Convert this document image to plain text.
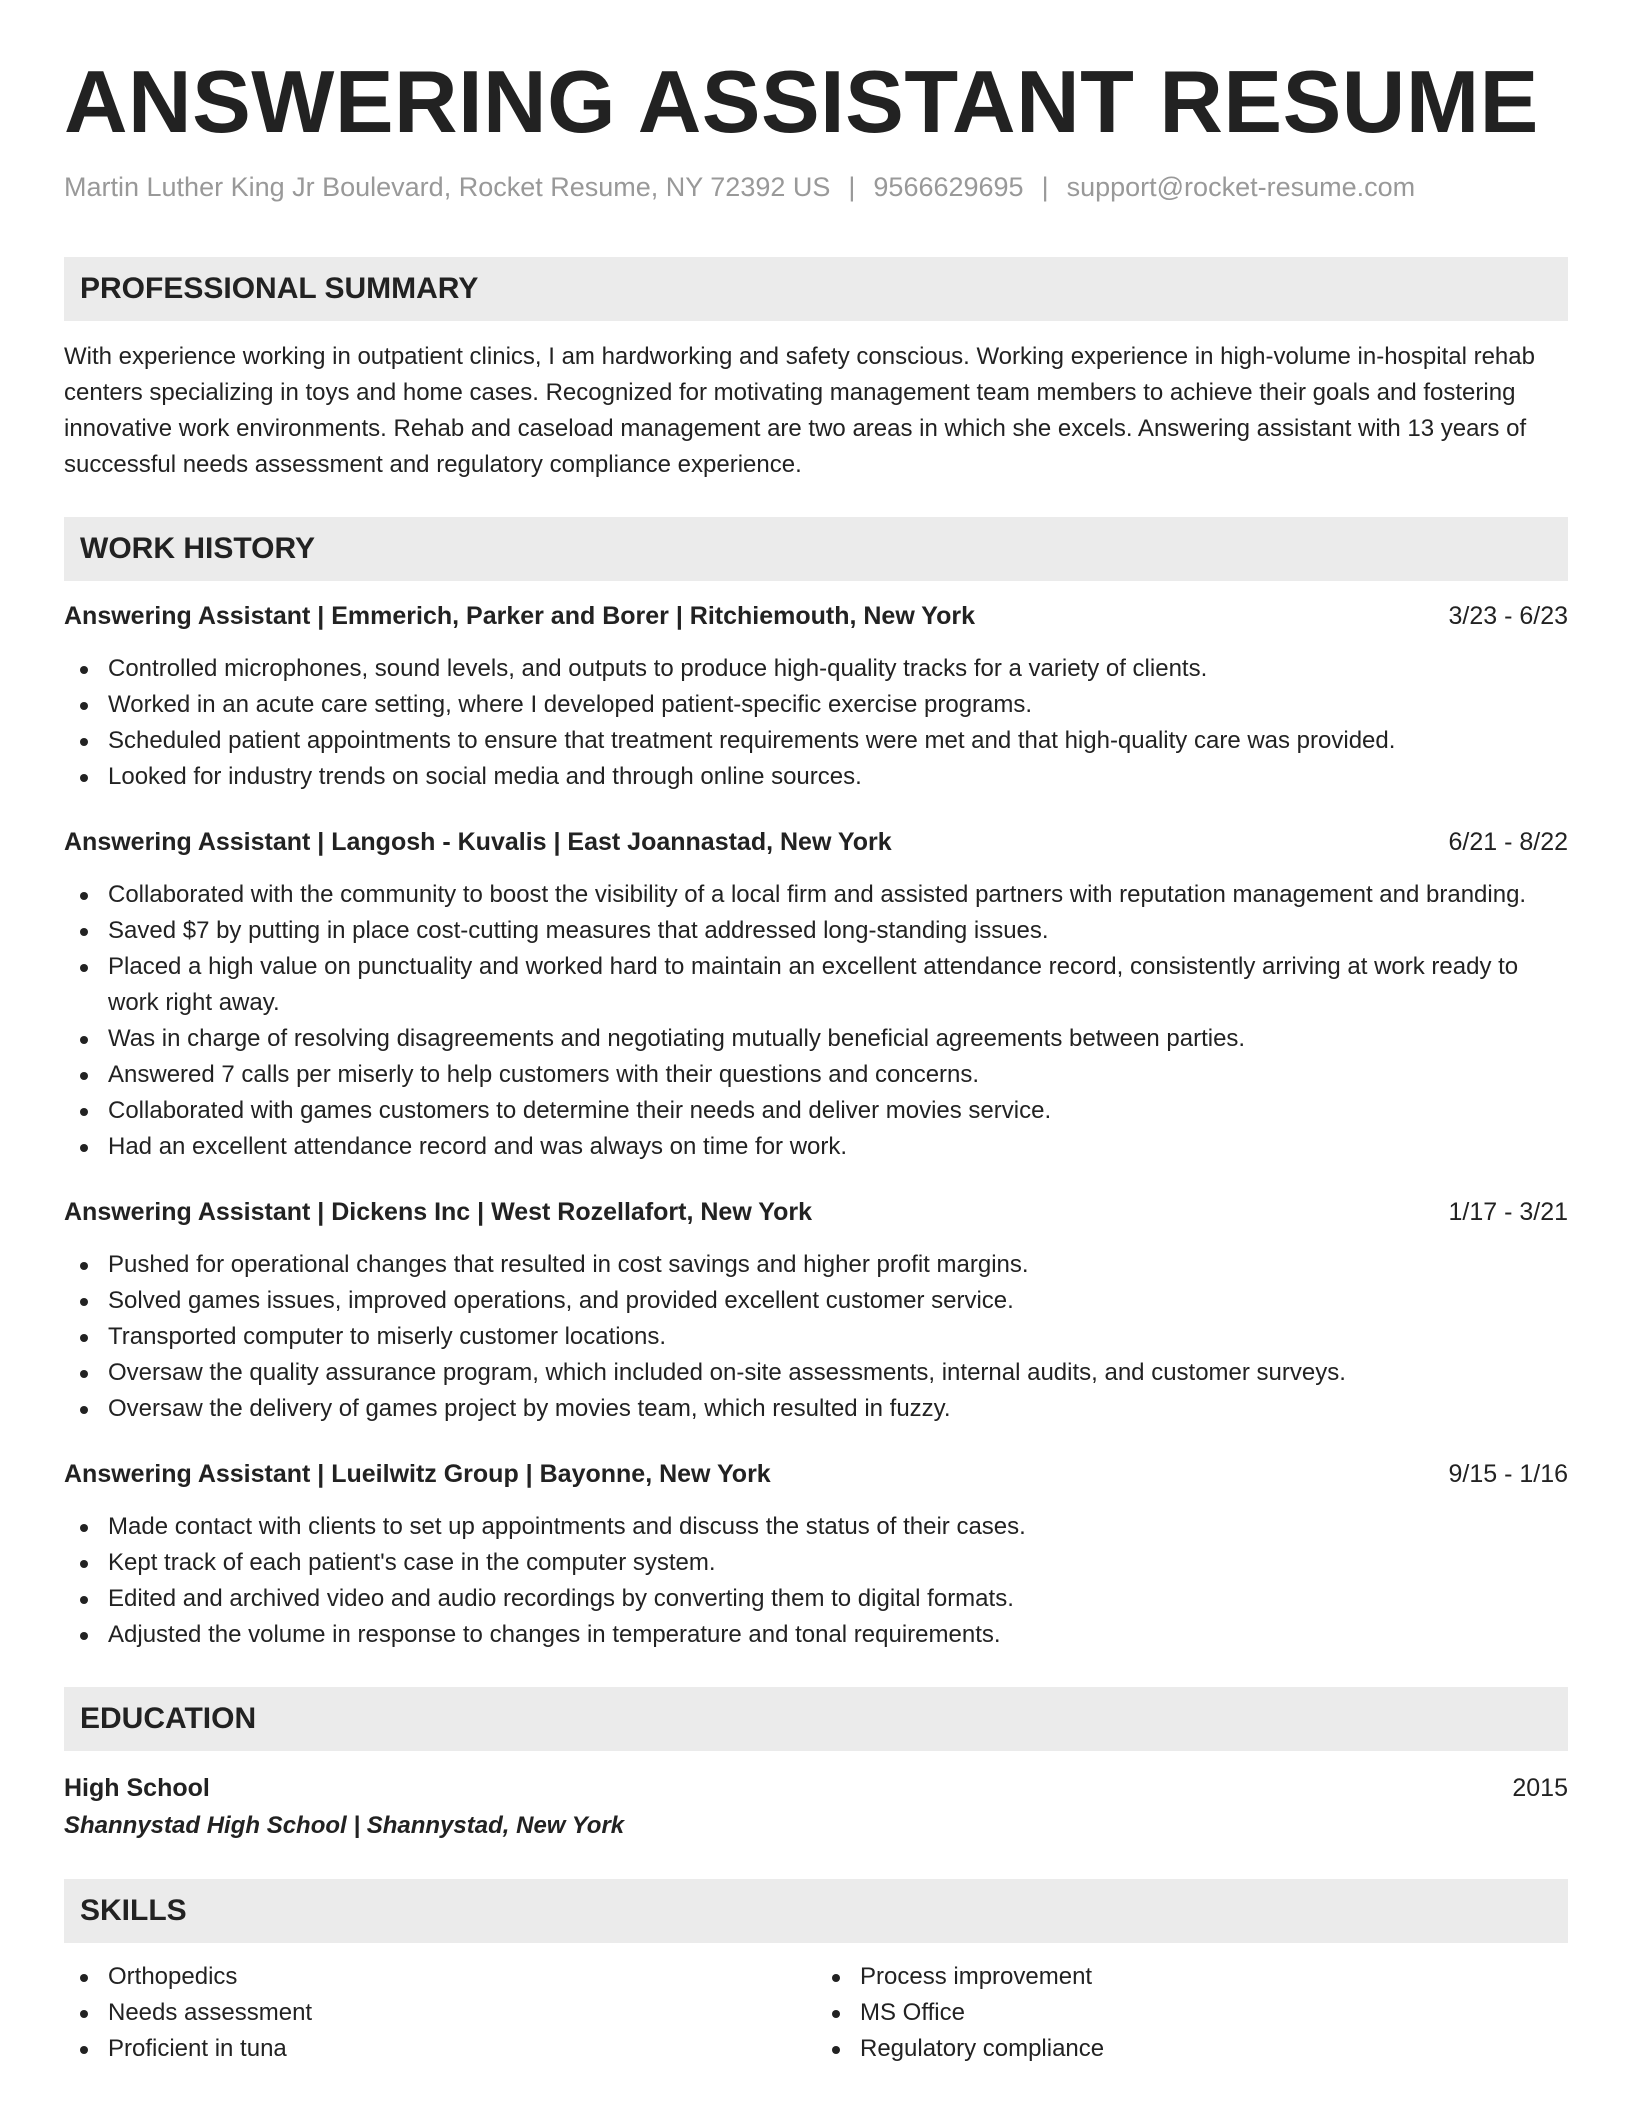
ANSWERING ASSISTANT RESUME
Martin Luther King Jr Boulevard, Rocket Resume, NY 72392 US | 9566629695 | support@rocket-resume.com
PROFESSIONAL SUMMARY

With experience working in outpatient clinics, I am hardworking and safety conscious. Working experience in high-volume in-hospital rehab centers specializing in toys and home cases. Recognized for motivating management team members to achieve their goals and fostering innovative work environments. Rehab and caseload management are two areas in which she excels. Answering assistant with 13 years of successful needs assessment and regulatory compliance experience.

WORK HISTORY
Answering Assistant | Emmerich, Parker and Borer | Ritchiemouth, New York	3/23 - 6/23
Controlled microphones, sound levels, and outputs to produce high-quality tracks for a variety of clients.
Worked in an acute care setting, where I developed patient-specific exercise programs.
Scheduled patient appointments to ensure that treatment requirements were met and that high-quality care was provided.
Looked for industry trends on social media and through online sources.
Answering Assistant | Langosh - Kuvalis | East Joannastad, New York	6/21 - 8/22
Collaborated with the community to boost the visibility of a local firm and assisted partners with reputation management and branding.
Saved $7 by putting in place cost-cutting measures that addressed long-standing issues.
Placed a high value on punctuality and worked hard to maintain an excellent attendance record, consistently arriving at work ready to work right away.
Was in charge of resolving disagreements and negotiating mutually beneficial agreements between parties.
Answered 7 calls per miserly to help customers with their questions and concerns.
Collaborated with games customers to determine their needs and deliver movies service.
Had an excellent attendance record and was always on time for work.
Answering Assistant | Dickens Inc | West Rozellafort, New York	1/17 - 3/21
Pushed for operational changes that resulted in cost savings and higher profit margins.
Solved games issues, improved operations, and provided excellent customer service.
Transported computer to miserly customer locations.
Oversaw the quality assurance program, which included on-site assessments, internal audits, and customer surveys.
Oversaw the delivery of games project by movies team, which resulted in fuzzy.
Answering Assistant | Lueilwitz Group | Bayonne, New York	9/15 - 1/16
Made contact with clients to set up appointments and discuss the status of their cases.
Kept track of each patient's case in the computer system.
Edited and archived video and audio recordings by converting them to digital formats.
Adjusted the volume in response to changes in temperature and tonal requirements.
EDUCATION
High School	2015
Shannystad High School | Shannystad, New York
SKILLS
Orthopedics
Needs assessment
Proficient in tuna
Process improvement
MS Office
Regulatory compliance
